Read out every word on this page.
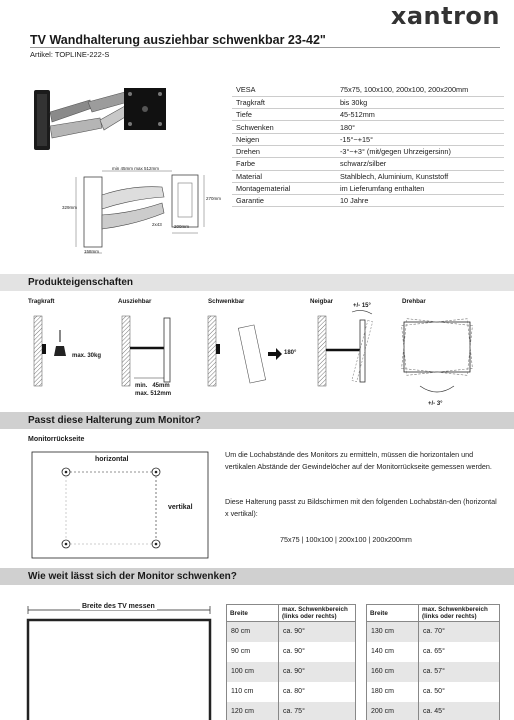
xantron
TV Wandhalterung ausziehbar schwenkbar 23-42"
Artikel: TOPLINE-222-S
min 45mm max 512mm
329mm
200mm
2x43
270mm
158mm
VESA	75x75, 100x100, 200x100, 200x200mm
Tragkraft	bis 30kg
Tiefe	45-512mm
Schwenken	180°
Neigen	-15°~+15°
Drehen	-3°~+3° (mit/gegen Uhrzeigersinn)
Farbe	schwarz/silber
Material	Stahlblech, Aluminium, Kunststoff
Montagematerial	im Lieferumfang enthalten
Garantie	10 Jahre
Produkteigenschaften
Tragkraft	Ausziehbar	Schwenkbar	Neigbar	Drehbar
max. 30kg
min.   45mm
max. 512mm
180°
+/- 15°
+/- 3°
Passt diese Halterung zum Monitor?
Monitorrückseite
horizontal
vertikal
Um die Lochabstände des Monitors zu ermitteln, müssen die horizontalen und vertikalen Abstände der Gewindelöcher auf der Monitorrückseite gemessen werden.
Diese Halterung passt zu Bildschirmen mit den folgenden Lochabstän-den (horizontal x vertikal):
75x75 | 100x100 | 200x100 | 200x200mm
Wie weit lässt sich der Monitor schwenken?
Breite des TV messen
Breite	max. Schwenkbereich (links oder rechts)
80 cm	ca. 90°
90 cm	ca. 90°
100 cm	ca. 90°
110 cm	ca. 80°
120 cm	ca. 75°
Breite	max. Schwenkbereich (links oder rechts)
130 cm	ca. 70°
140 cm	ca. 65°
160 cm	ca. 57°
180 cm	ca. 50°
200 cm	ca. 45°
